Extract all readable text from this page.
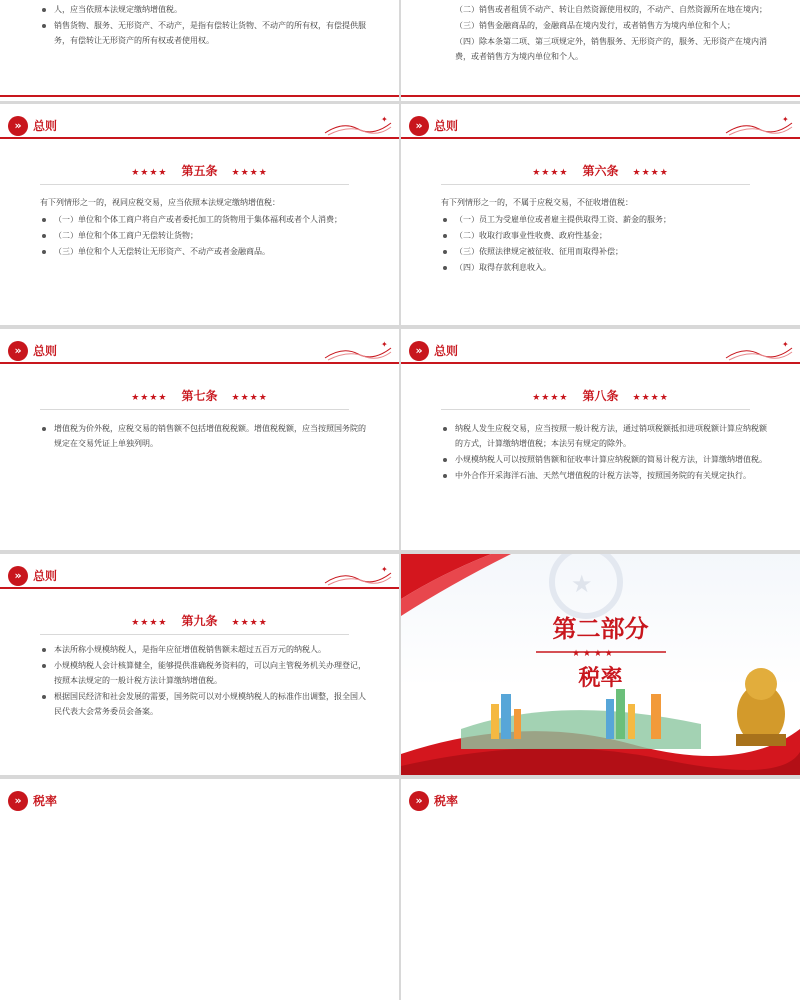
人，应当依照本法规定缴纳增值税。
销售货物、服务、无形资产、不动产，是指有偿转让货物、不动产的所有权，有偿提供服务，有偿转让无形资产的所有权或者使用权。
（二）销售或者租赁不动产、转让自然资源使用权的，不动产、自然资源所在地在境内；
（三）销售金融商品的，金融商品在境内发行，或者销售方为境内单位和个人；
（四）除本条第二项、第三项规定外，销售服务、无形资产的，服务、无形资产在境内消费，或者销售方为境内单位和个人。
» 总则	✦
★★★★ 第五条 ★★★★
有下列情形之一的，视同应税交易，应当依照本法规定缴纳增值税：
（一）单位和个体工商户将自产或者委托加工的货物用于集体福利或者个人消费；
（二）单位和个体工商户无偿转让货物；
（三）单位和个人无偿转让无形资产、不动产或者金融商品。
» 总则	✦
★★★★ 第六条 ★★★★
有下列情形之一的，不属于应税交易，不征收增值税：
（一）员工为受雇单位或者雇主提供取得工资、薪金的服务；
（二）收取行政事业性收费、政府性基金；
（三）依照法律规定被征收、征用而取得补偿；
（四）取得存款利息收入。
» 总则	✦
★★★★ 第七条 ★★★★
增值税为价外税，应税交易的销售额不包括增值税税额。增值税税额，应当按照国务院的规定在交易凭证上单独列明。
» 总则	✦
★★★★ 第八条 ★★★★
纳税人发生应税交易，应当按照一般计税方法，通过销项税额抵扣进项税额计算应纳税额的方式，计算缴纳增值税；本法另有规定的除外。
小规模纳税人可以按照销售额和征收率计算应纳税额的简易计税方法，计算缴纳增值税。
中外合作开采海洋石油、天然气增值税的计税方法等，按照国务院的有关规定执行。
» 总则	✦
★★★★ 第九条 ★★★★
本法所称小规模纳税人，是指年应征增值税销售额未超过五百万元的纳税人。
小规模纳税人会计核算健全，能够提供准确税务资料的，可以向主管税务机关办理登记，按照本法规定的一般计税方法计算缴纳增值税。
根据国民经济和社会发展的需要，国务院可以对小规模纳税人的标准作出调整，报全国人民代表大会常务委员会备案。
★
第二部分
★ ★ ★ ★
税率
» 税率	» 税率
